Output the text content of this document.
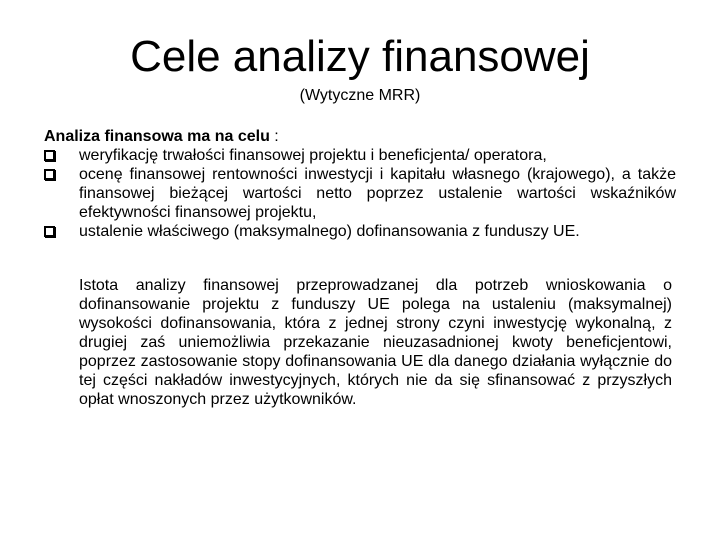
Cele analizy finansowej
(Wytyczne MRR)
Analiza finansowa ma na celu :
weryfikację trwałości finansowej projektu i beneficjenta/ operatora,
ocenę finansowej rentowności inwestycji i kapitału własnego (krajowego), a także finansowej bieżącej wartości netto poprzez ustalenie wartości wskaźników efektywności finansowej projektu,
ustalenie właściwego (maksymalnego) dofinansowania z funduszy UE.

Istota analizy finansowej przeprowadzanej dla potrzeb wnioskowania o dofinansowanie projektu z funduszy UE polega na ustaleniu (maksymalnej) wysokości dofinansowania, która z jednej strony czyni inwestycję wykonalną, z drugiej zaś uniemożliwia przekazanie nieuzasadnionej kwoty beneficjentowi, poprzez zastosowanie stopy dofinansowania UE dla danego działania wyłącznie do tej części nakładów inwestycyjnych, których nie da się sfinansować z przyszłych opłat wnoszonych przez użytkowników.
